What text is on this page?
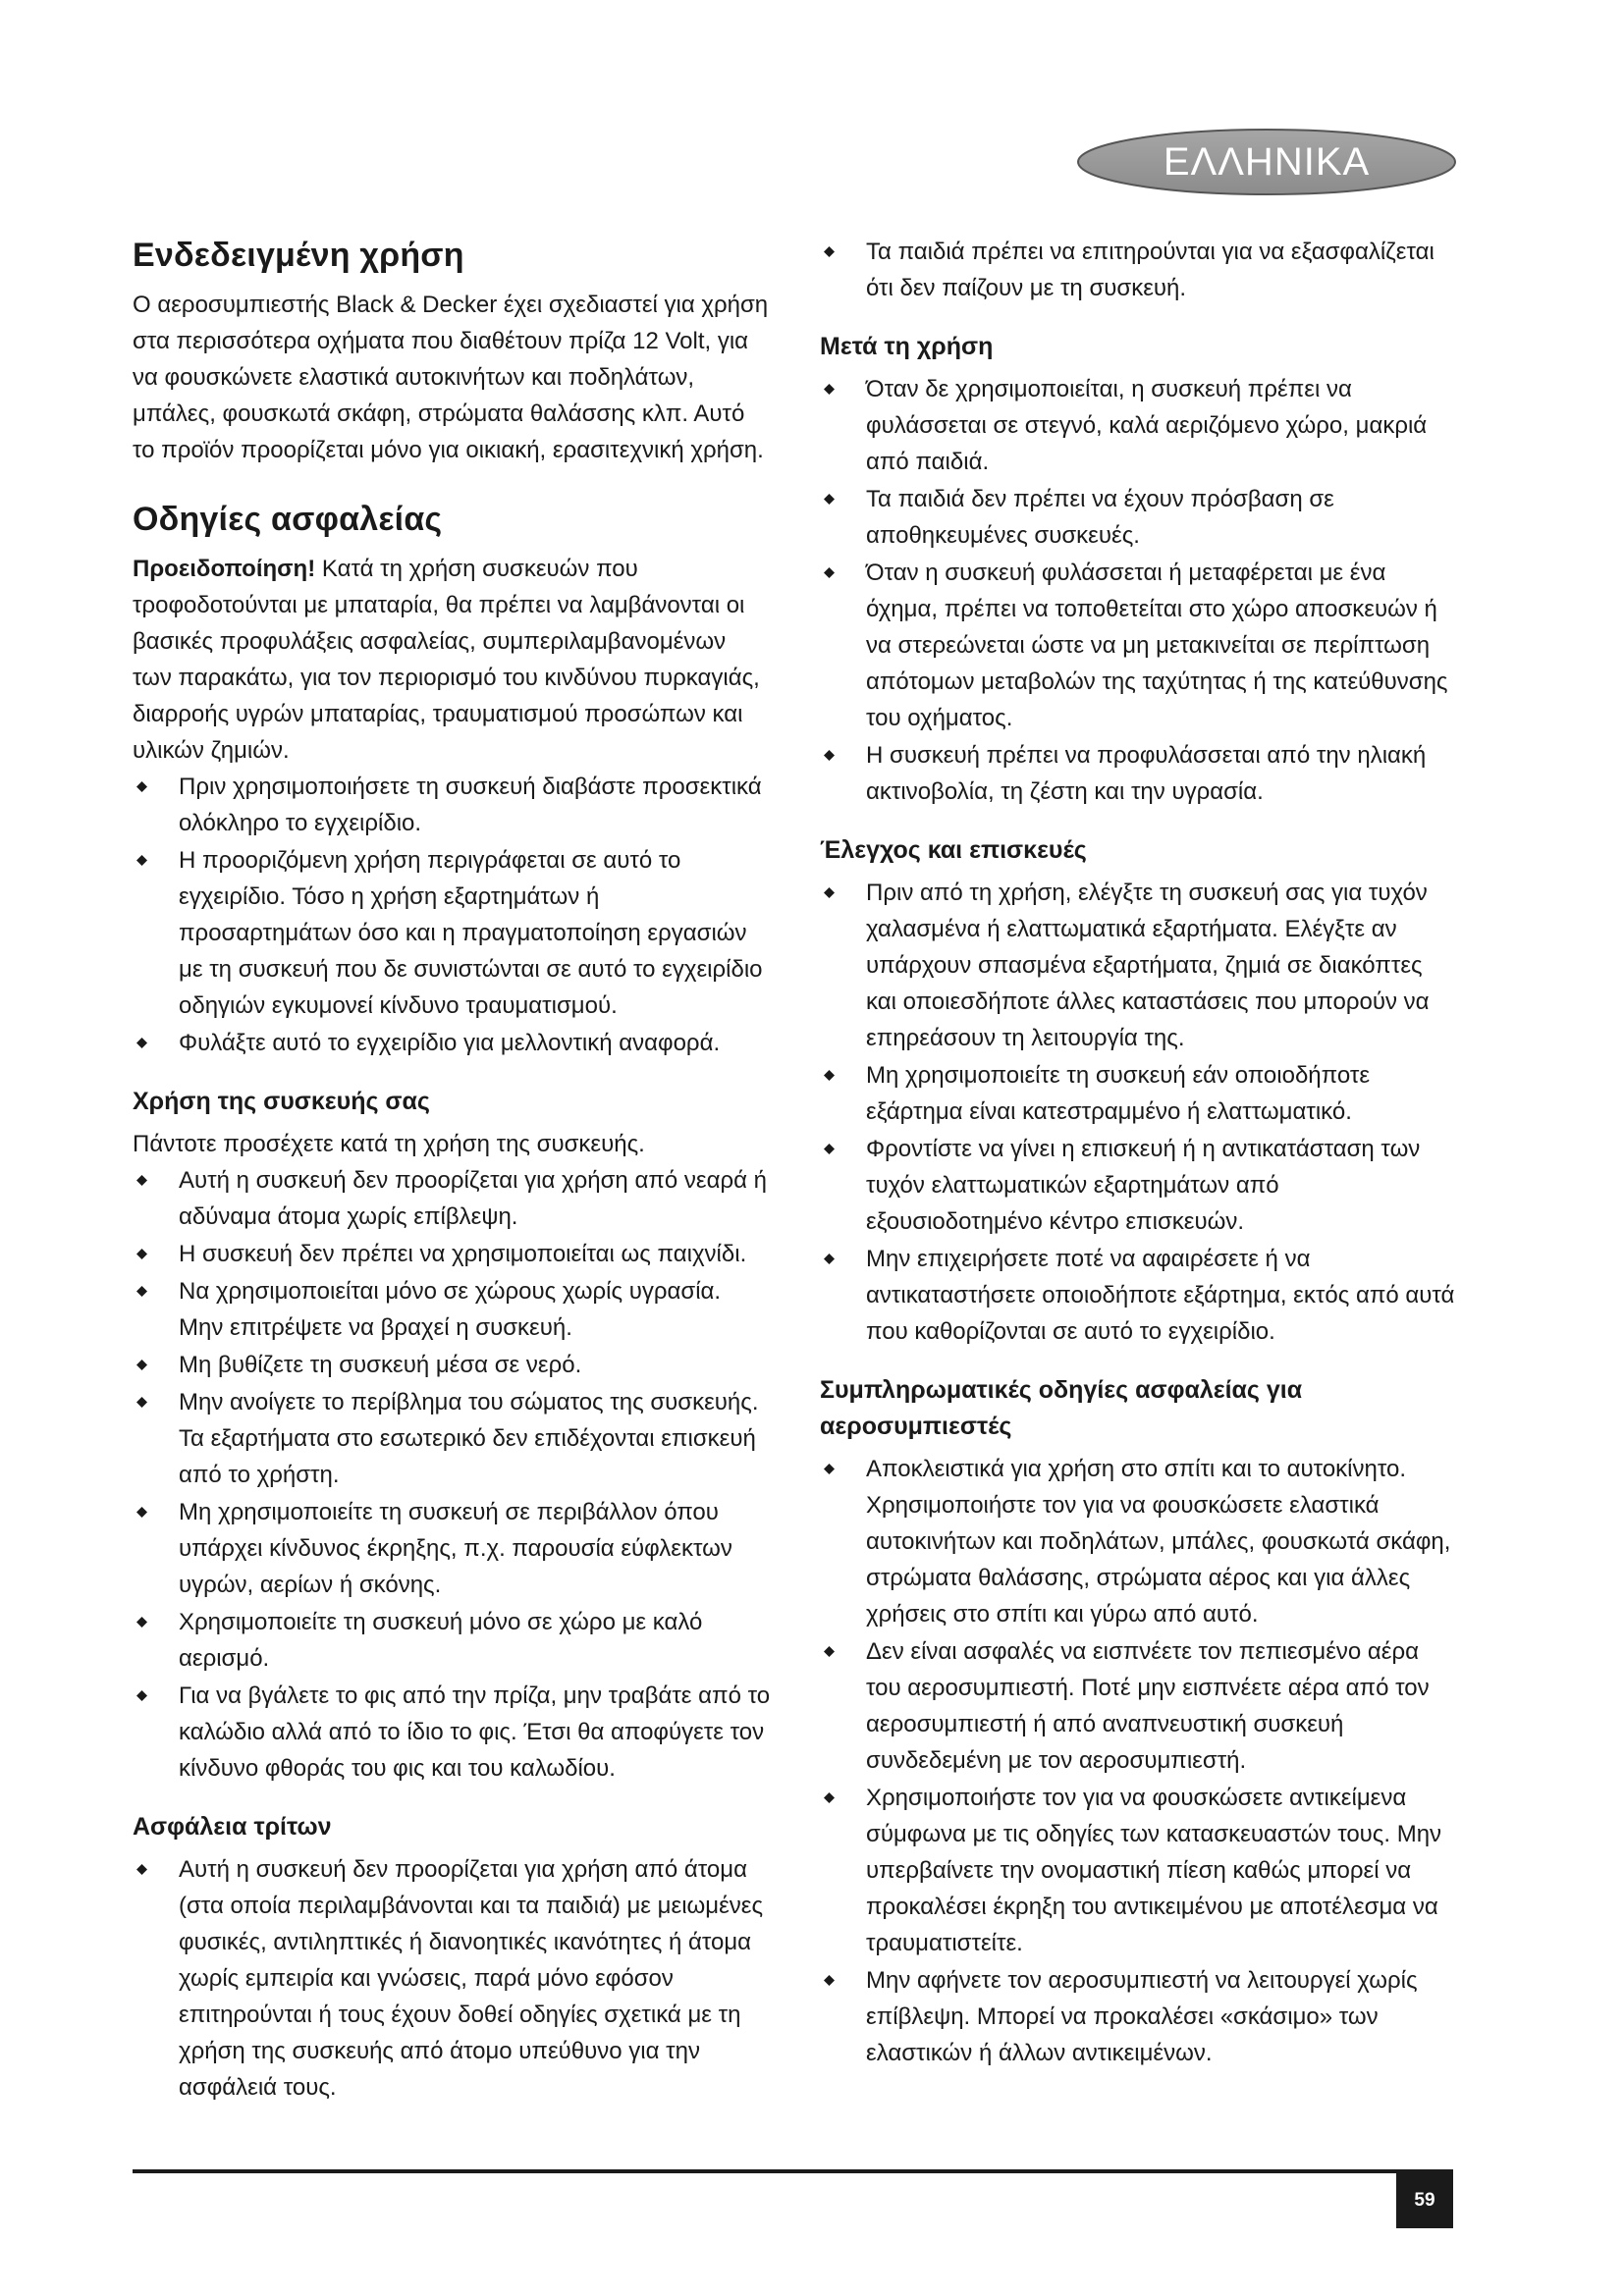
ΕΛΛΗΝΙΚΑ
Ενδεδειγμένη χρήση

Ο αεροσυμπιεστής Black & Decker έχει σχεδιαστεί για χρήση στα περισσότερα οχήματα που διαθέτουν πρίζα 12 Volt, για να φουσκώνετε ελαστικά αυτοκινήτων και ποδηλάτων, μπάλες, φουσκωτά σκάφη, στρώματα θαλάσσης κλπ. Αυτό το προϊόν προορίζεται μόνο για οικιακή, ερασιτεχνική χρήση.

Οδηγίες ασφαλείας

Προειδοποίηση! Κατά τη χρήση συσκευών που τροφοδοτούνται με μπαταρία, θα πρέπει να λαμβάνονται οι βασικές προφυλάξεις ασφαλείας, συμπεριλαμβανομένων των παρακάτω, για τον περιορισμό του κινδύνου πυρκαγιάς, διαρροής υγρών μπαταρίας, τραυματισμού προσώπων και υλικών ζημιών.

Πριν χρησιμοποιήσετε τη συσκευή διαβάστε προσεκτικά ολόκληρο το εγχειρίδιο.
Η προοριζόμενη χρήση περιγράφεται σε αυτό το εγχειρίδιο. Τόσο η χρήση εξαρτημάτων ή προσαρτημάτων όσο και η πραγματοποίηση εργασιών με τη συσκευή που δε συνιστώνται σε αυτό το εγχειρίδιο οδηγιών εγκυμονεί κίνδυνο τραυματισμού.
Φυλάξτε αυτό το εγχειρίδιο για μελλοντική αναφορά.
Χρήση της συσκευής σας

Πάντοτε προσέχετε κατά τη χρήση της συσκευής.

Αυτή η συσκευή δεν προορίζεται για χρήση από νεαρά ή αδύναμα άτομα χωρίς επίβλεψη.
Η συσκευή δεν πρέπει να χρησιμοποιείται ως παιχνίδι.
Να χρησιμοποιείται μόνο σε χώρους χωρίς υγρασία. Μην επιτρέψετε να βραχεί η συσκευή.
Μη βυθίζετε τη συσκευή μέσα σε νερό.
Μην ανοίγετε το περίβλημα του σώματος της συσκευής. Τα εξαρτήματα στο εσωτερικό δεν επιδέχονται επισκευή από το χρήστη.
Μη χρησιμοποιείτε τη συσκευή σε περιβάλλον όπου υπάρχει κίνδυνος έκρηξης, π.χ. παρουσία εύφλεκτων υγρών, αερίων ή σκόνης.
Χρησιμοποιείτε τη συσκευή μόνο σε χώρο με καλό αερισμό.
Για να βγάλετε το φις από την πρίζα, μην τραβάτε από το καλώδιο αλλά από το ίδιο το φις. Έτσι θα αποφύγετε τον κίνδυνο φθοράς του φις και του καλωδίου.
Ασφάλεια τρίτων
Αυτή η συσκευή δεν προορίζεται για χρήση από άτομα (στα οποία περιλαμβάνονται και τα παιδιά) με μειωμένες φυσικές, αντιληπτικές ή διανοητικές ικανότητες ή άτομα χωρίς εμπειρία και γνώσεις, παρά μόνο εφόσον επιτηρούνται ή τους έχουν δοθεί οδηγίες σχετικά με τη χρήση της συσκευής από άτομο υπεύθυνο για την ασφάλειά τους.
Τα παιδιά πρέπει να επιτηρούνται για να εξασφαλίζεται ότι δεν παίζουν με τη συσκευή.
Μετά τη χρήση
Όταν δε χρησιμοποιείται, η συσκευή πρέπει να φυλάσσεται σε στεγνό, καλά αεριζόμενο χώρο, μακριά από παιδιά.
Τα παιδιά δεν πρέπει να έχουν πρόσβαση σε αποθηκευμένες συσκευές.
Όταν η συσκευή φυλάσσεται ή μεταφέρεται με ένα όχημα, πρέπει να τοποθετείται στο χώρο αποσκευών ή να στερεώνεται ώστε να μη μετακινείται σε περίπτωση απότομων μεταβολών της ταχύτητας ή της κατεύθυνσης του οχήματος.
Η συσκευή πρέπει να προφυλάσσεται από την ηλιακή ακτινοβολία, τη ζέστη και την υγρασία.
Έλεγχος και επισκευές
Πριν από τη χρήση, ελέγξτε τη συσκευή σας για τυχόν χαλασμένα ή ελαττωματικά εξαρτήματα. Ελέγξτε αν υπάρχουν σπασμένα εξαρτήματα, ζημιά σε διακόπτες και οποιεσδήποτε άλλες καταστάσεις που μπορούν να επηρεάσουν τη λειτουργία της.
Μη χρησιμοποιείτε τη συσκευή εάν οποιοδήποτε εξάρτημα είναι κατεστραμμένο ή ελαττωματικό.
Φροντίστε να γίνει η επισκευή ή η αντικατάσταση των τυχόν ελαττωματικών εξαρτημάτων από εξουσιοδοτημένο κέντρο επισκευών.
Μην επιχειρήσετε ποτέ να αφαιρέσετε ή να αντικαταστήσετε οποιοδήποτε εξάρτημα, εκτός από αυτά που καθορίζονται σε αυτό το εγχειρίδιο.
Συμπληρωματικές οδηγίες ασφαλείας για αεροσυμπιεστές
Αποκλειστικά για χρήση στο σπίτι και το αυτοκίνητο. Χρησιμοποιήστε τον για να φουσκώσετε ελαστικά αυτοκινήτων και ποδηλάτων, μπάλες, φουσκωτά σκάφη, στρώματα θαλάσσης, στρώματα αέρος και για άλλες χρήσεις στο σπίτι και γύρω από αυτό.
Δεν είναι ασφαλές να εισπνέετε τον πεπιεσμένο αέρα του αεροσυμπιεστή. Ποτέ μην εισπνέετε αέρα από τον αεροσυμπιεστή ή από αναπνευστική συσκευή συνδεδεμένη με τον αεροσυμπιεστή.
Χρησιμοποιήστε τον για να φουσκώσετε αντικείμενα σύμφωνα με τις οδηγίες των κατασκευαστών τους. Μην υπερβαίνετε την ονομαστική πίεση καθώς μπορεί να προκαλέσει έκρηξη του αντικειμένου με αποτέλεσμα να τραυματιστείτε.
Μην αφήνετε τον αεροσυμπιεστή να λειτουργεί χωρίς επίβλεψη. Μπορεί να προκαλέσει «σκάσιμο» των ελαστικών ή άλλων αντικειμένων.
59
